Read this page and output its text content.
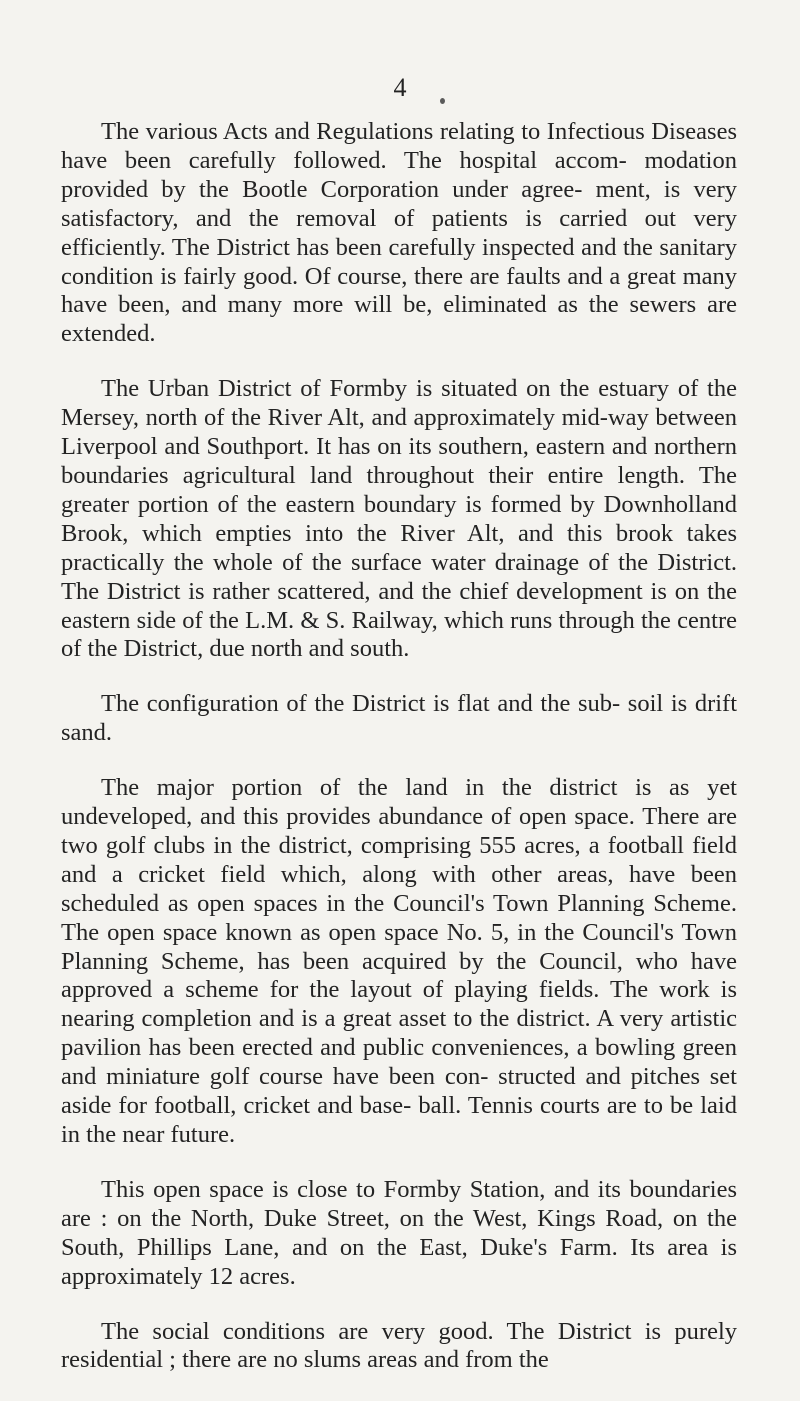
4

The various Acts and Regulations relating to Infectious Diseases have been carefully followed. The hospital accom- modation provided by the Bootle Corporation under agree- ment, is very satisfactory, and the removal of patients is carried out very efficiently. The District has been carefully inspected and the sanitary condition is fairly good. Of course, there are faults and a great many have been, and many more will be, eliminated as the sewers are extended.

The Urban District of Formby is situated on the estuary of the Mersey, north of the River Alt, and approximately mid-way between Liverpool and Southport. It has on its southern, eastern and northern boundaries agricultural land throughout their entire length. The greater portion of the eastern boundary is formed by Downholland Brook, which empties into the River Alt, and this brook takes practically the whole of the surface water drainage of the District. The District is rather scattered, and the chief development is on the eastern side of the L.M. & S. Railway, which runs through the centre of the District, due north and south.

The configuration of the District is flat and the sub- soil is drift sand.

The major portion of the land in the district is as yet undeveloped, and this provides abundance of open space. There are two golf clubs in the district, comprising 555 acres, a football field and a cricket field which, along with other areas, have been scheduled as open spaces in the Council's Town Planning Scheme. The open space known as open space No. 5, in the Council's Town Planning Scheme, has been acquired by the Council, who have approved a scheme for the layout of playing fields. The work is nearing completion and is a great asset to the district. A very artistic pavilion has been erected and public conveniences, a bowling green and miniature golf course have been con- structed and pitches set aside for football, cricket and base- ball. Tennis courts are to be laid in the near future.

This open space is close to Formby Station, and its boundaries are : on the North, Duke Street, on the West, Kings Road, on the South, Phillips Lane, and on the East, Duke's Farm. Its area is approximately 12 acres.

The social conditions are very good. The District is purely residential ; there are no slums areas and from the
